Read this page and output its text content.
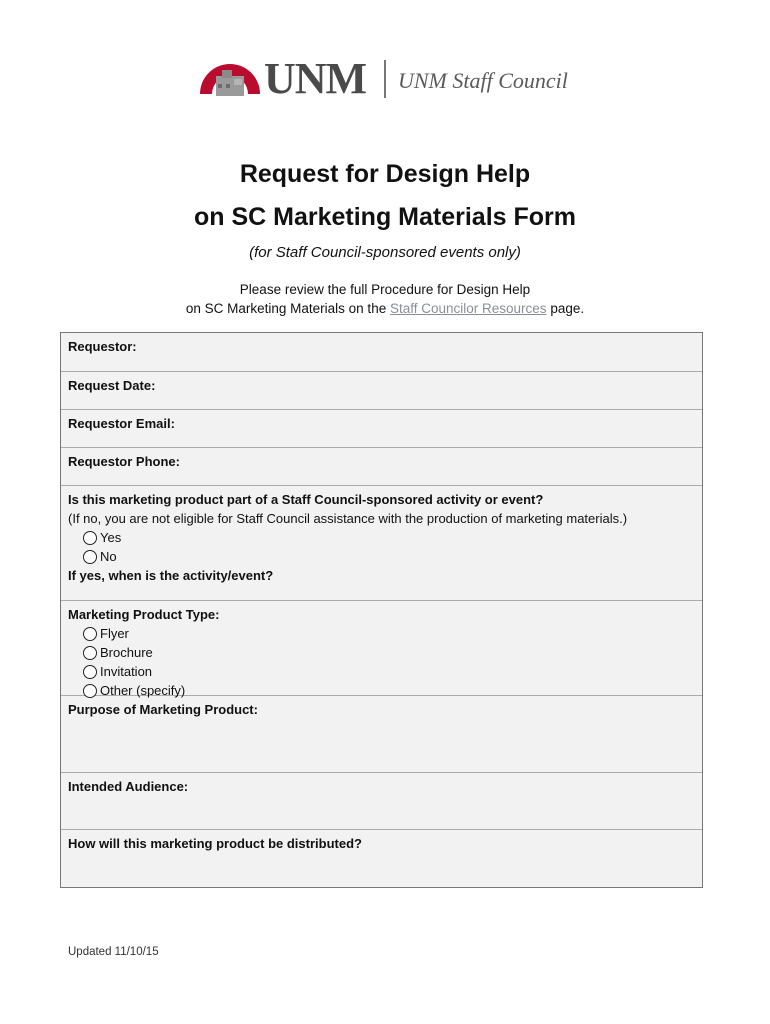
UNM UNM Staff Council
Request for Design Help
on SC Marketing Materials Form
(for Staff Council-sponsored events only)
Please review the full Procedure for Design Help
on SC Marketing Materials on the Staff Councilor Resources page.
Requestor:
Request Date:
Requestor Email:
Requestor Phone:
Is this marketing product part of a Staff Council-sponsored activity or event?
(If no, you are not eligible for Staff Council assistance with the production of marketing materials.)
Yes
No
If yes, when is the activity/event?
Marketing Product Type:
Flyer
Brochure
Invitation
Other (specify)
Purpose of Marketing Product:
Intended Audience:
How will this marketing product be distributed?
Updated 11/10/15
